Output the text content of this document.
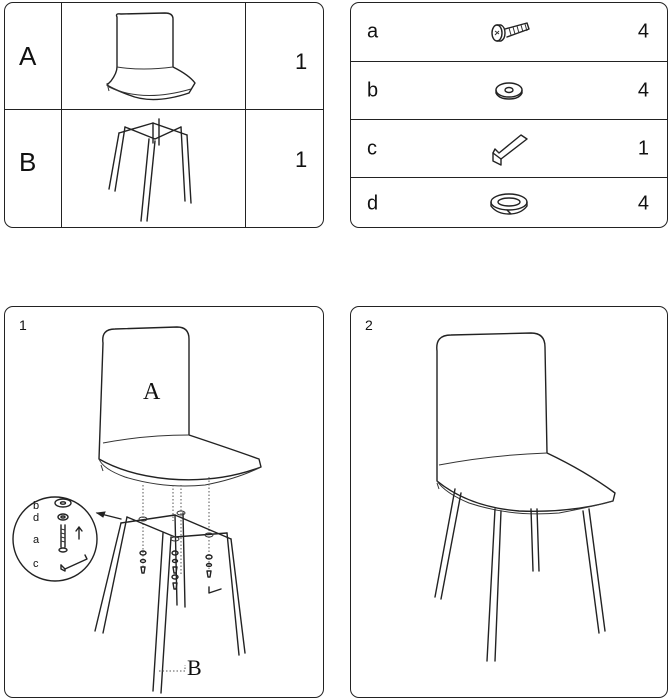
A	1
B	1
a	4
b	4
c	1
d	4
1
A
B
b
d
a
c
2
